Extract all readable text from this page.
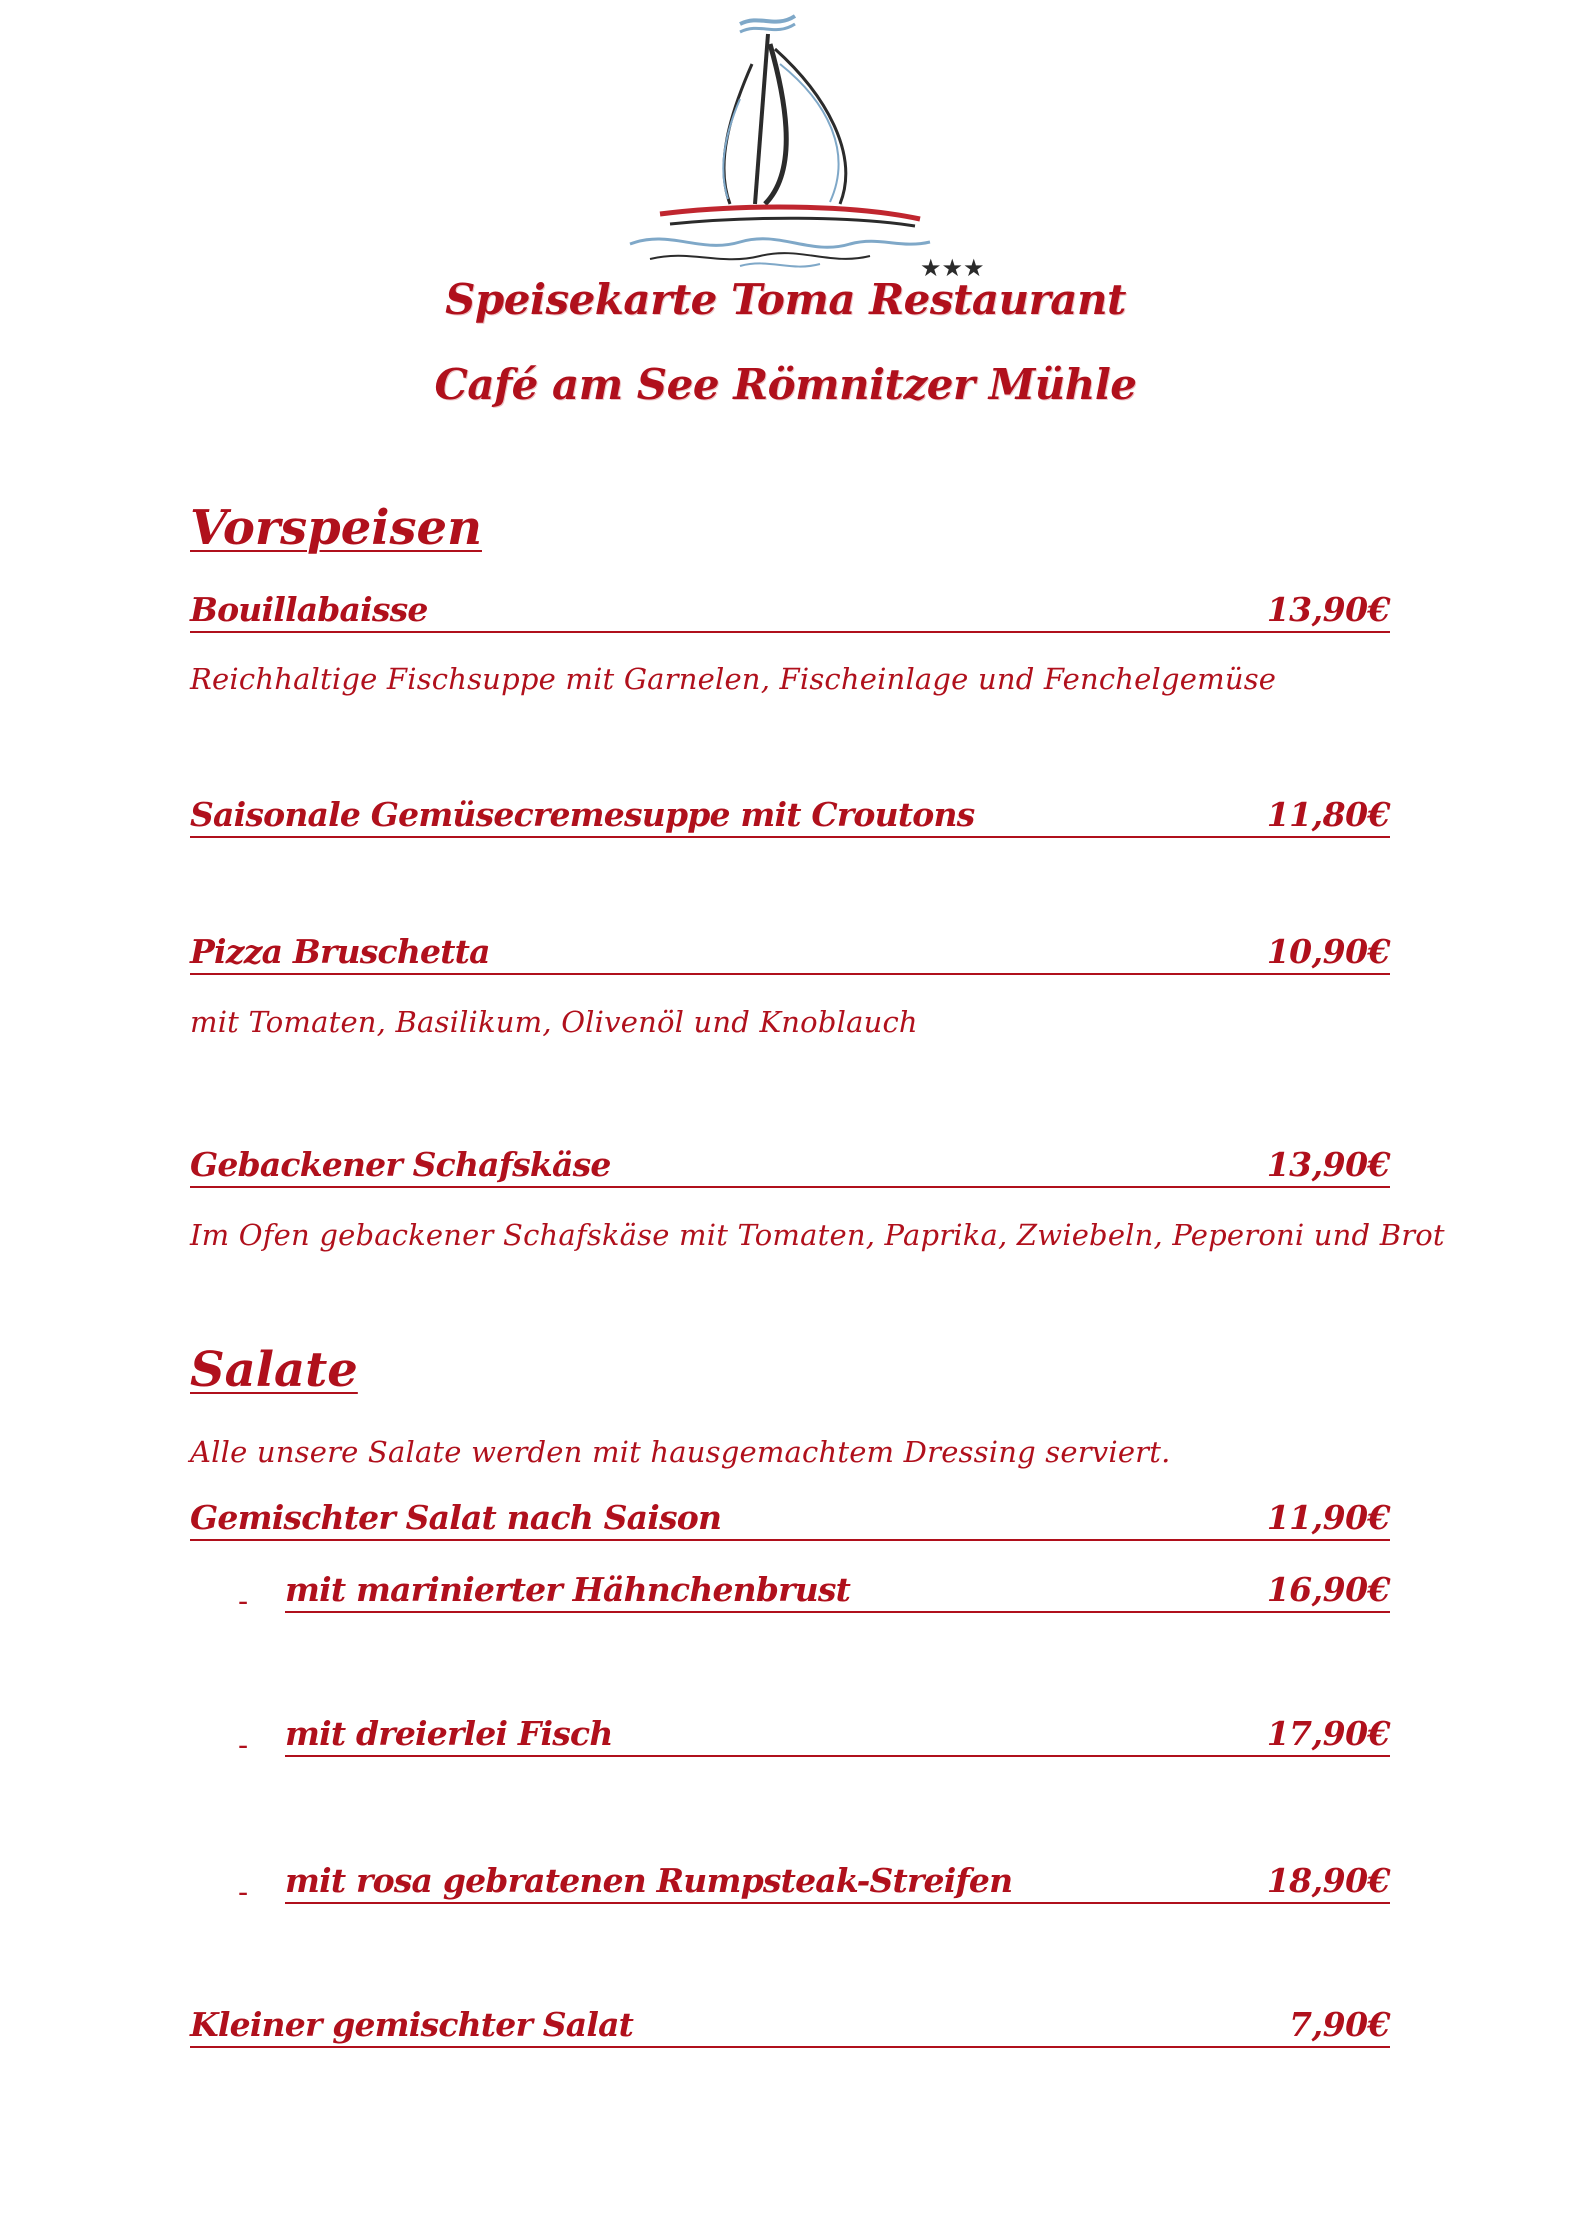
★★★
Speisekarte Toma Restaurant
Café am See Römnitzer Mühle
Vorspeisen
Bouillabaisse	13,90€
Reichhaltige Fischsuppe mit Garnelen, Fischeinlage und Fenchelgemüse
Saisonale Gemüsecremesuppe mit Croutons	11,80€
Pizza Bruschetta	10,90€
mit Tomaten, Basilikum, Olivenöl und Knoblauch
Gebackener Schafskäse	13,90€
Im Ofen gebackener Schafskäse mit Tomaten, Paprika, Zwiebeln, Peperoni und Brot
Salate
Alle unsere Salate werden mit hausgemachtem Dressing serviert.
Gemischter Salat nach Saison	11,90€
- mit marinierter Hähnchenbrust	16,90€
- mit dreierlei Fisch	17,90€
- mit rosa gebratenen Rumpsteak-Streifen	18,90€
Kleiner gemischter Salat	7,90€
